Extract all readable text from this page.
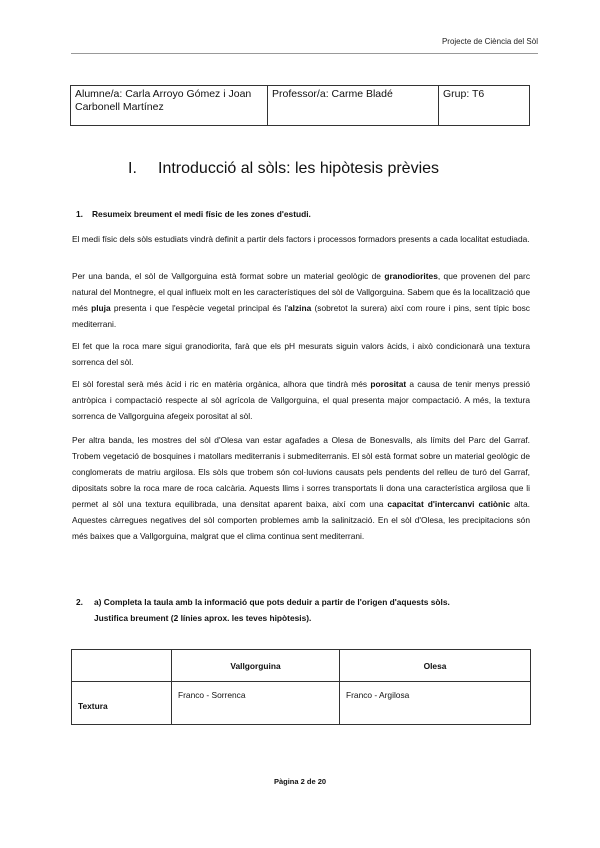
Projecte de Ciència del Sòl
Alumne/a: Carla Arroyo Gómez i Joan Carbonell Martínez	Professor/a: Carme Bladé	Grup: T6
I. Introducció al sòls: les hipòtesis prèvies
1. Resumeix breument el medi físic de les zones d'estudi.
El medi físic dels sòls estudiats vindrà definit a partir dels factors i processos formadors presents a cada localitat estudiada.
Per una banda, el sòl de Vallgorguina està format sobre un material geològic de granodiorites, que provenen del parc natural del Montnegre, el qual influeix molt en les característiques del sòl de Vallgorguina. Sabem que és la localització que més pluja presenta i que l'espècie vegetal principal és l'alzina (sobretot la surera) així com roure i pins, sent típic bosc mediterrani.
El fet que la roca mare sigui granodiorita, farà que els pH mesurats siguin valors àcids, i això condicionarà una textura sorrenca del sòl.
El sòl forestal serà més àcid i ric en matèria orgànica, alhora que tindrà més porositat a causa de tenir menys pressió antròpica i compactació respecte al sòl agrícola de Vallgorguina, el qual presenta major compactació. A més, la textura sorrenca de Vallgorguina afegeix porositat al sòl.
Per altra banda, les mostres del sòl d'Olesa van estar agafades a Olesa de Bonesvalls, als límits del Parc del Garraf. Trobem vegetació de bosquines i matollars mediterranis i submediterranis. El sòl està format sobre un material geològic de conglomerats de matriu argilosa. Els sòls que trobem són col·luvions causats pels pendents del relleu de turó del Garraf, dipositats sobre la roca mare de roca calcària. Aquests llims i sorres transportats li dona una característica argilosa que li permet al sòl una textura equilibrada, una densitat aparent baixa, així com una capacitat d'intercanvi catiònic alta. Aquestes càrregues negatives del sòl comporten problemes amb la salinització. En el sòl d'Olesa, les precipitacions són més baixes que a Vallgorguina, malgrat que el clima continua sent mediterrani.
2. a) Completa la taula amb la informació que pots deduir a partir de l'origen d'aquests sòls.
Justifica breument (2 línies aprox. les teves hipòtesis).
	Vallgorguina	Olesa
Textura	Franco - Sorrenca	Franco - Argilosa
Pàgina 2 de 20
